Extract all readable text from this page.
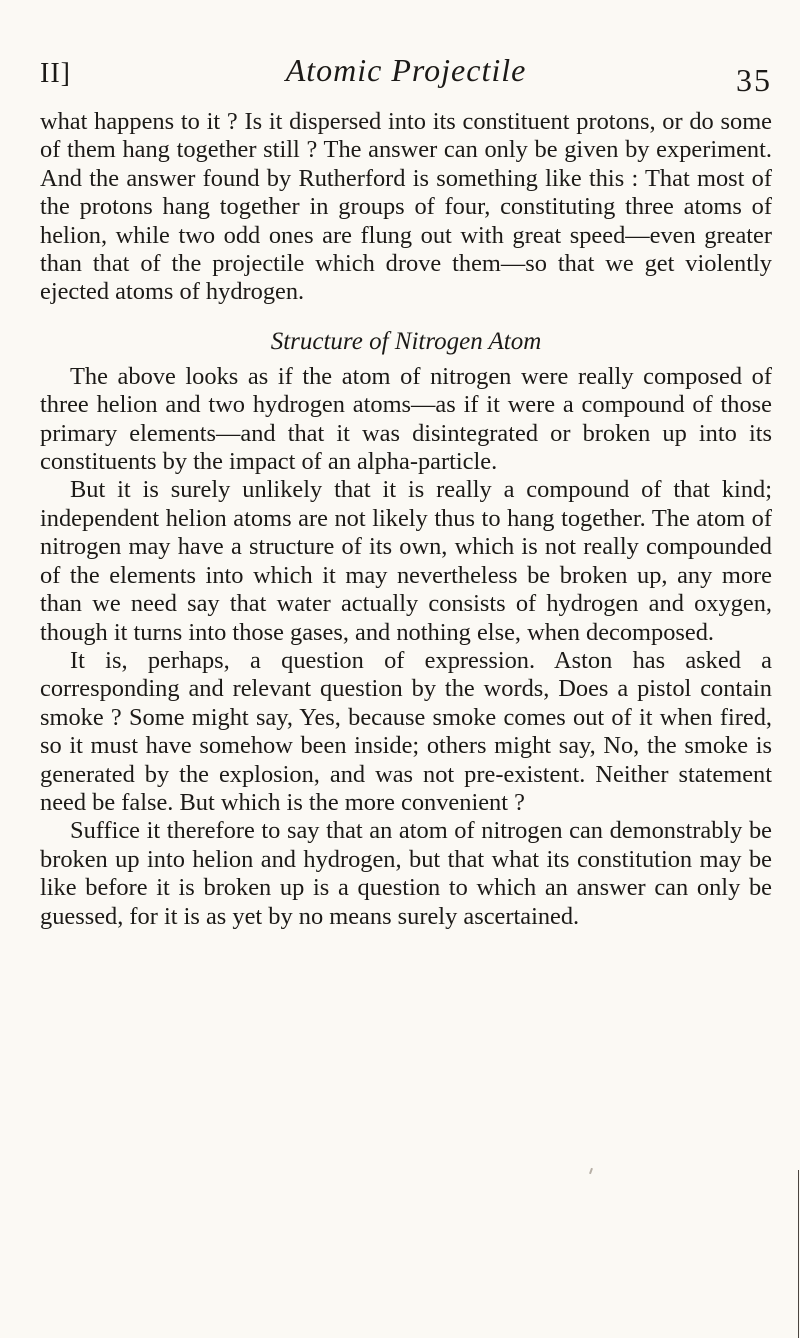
II]	Atomic Projectile	35

what happens to it ? Is it dispersed into its constituent protons, or do some of them hang together still ? The answer can only be given by experiment. And the answer found by Rutherford is something like this : That most of the protons hang together in groups of four, constituting three atoms of helion, while two odd ones are flung out with great speed—even greater than that of the projectile which drove them—so that we get violently ejected atoms of hydrogen.

Structure of Nitrogen Atom

The above looks as if the atom of nitrogen were really composed of three helion and two hydrogen atoms—as if it were a compound of those primary elements—and that it was disintegrated or broken up into its constituents by the impact of an alpha-particle.

But it is surely unlikely that it is really a compound of that kind; independent helion atoms are not likely thus to hang together. The atom of nitrogen may have a structure of its own, which is not really compounded of the elements into which it may nevertheless be broken up, any more than we need say that water actually consists of hydrogen and oxygen, though it turns into those gases, and nothing else, when decomposed.

It is, perhaps, a question of expression. Aston has asked a corresponding and relevant question by the words, Does a pistol contain smoke ? Some might say, Yes, because smoke comes out of it when fired, so it must have somehow been inside; others might say, No, the smoke is generated by the explosion, and was not pre-existent. Neither statement need be false. But which is the more convenient ?

Suffice it therefore to say that an atom of nitrogen can demonstrably be broken up into helion and hydrogen, but that what its constitution may be like before it is broken up is a question to which an answer can only be guessed, for it is as yet by no means surely ascertained.
